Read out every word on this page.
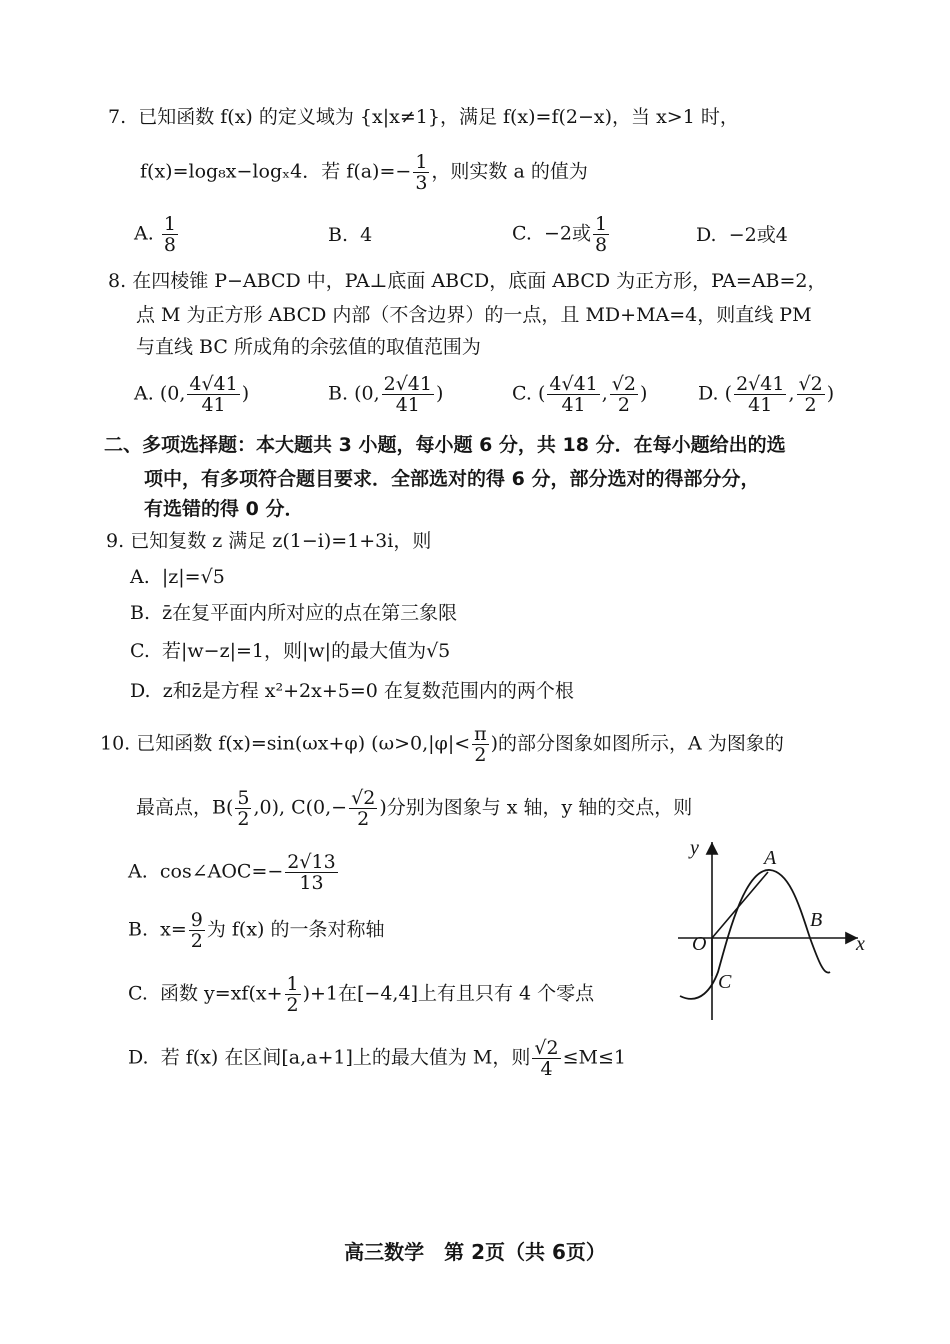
7. 已知函数 f(x) 的定义域为 {x|x≠1}，满足 f(x)=f(2−x)，当 x>1 时，
f(x)=log₈x−logₓ4．若 $f(a)=- \frac{1}{3}$ ，则实数 a 的值为
A. $\frac{1}{8}$	B. 4	C. −2或 $\frac{1}{8}$	D. −2或4
8. 在四棱锥 P−ABCD 中，PA⊥底面 ABCD，底面 ABCD 为正方形，PA=AB=2，
点 M 为正方形 ABCD 内部（不含边界）的一点，且 MD+MA=4，则直线 PM
与直线 BC 所成角的余弦值的取值范围为
A. (0, $\frac{4√41}{41}$ )	B. (0, $\frac{2√41}{41}$ )	C. ( $\frac{4√41}{41}$ , $\frac{√2}{2}$ )	D. ( $\frac{2√41}{41}$ , $\frac{√2}{2}$ )
二、多项选择题：本大题共 3 小题，每小题 6 分，共 18 分．在每小题给出的选
项中，有多项符合题目要求．全部选对的得 6 分，部分选对的得部分分，
有选错的得 0 分．
9. 已知复数 z 满足 z(1−i)=1+3i，则
A. |z|=√5
B. z̄在复平面内所对应的点在第三象限
C. 若|w−z|=1，则|w|的最大值为√5
D. z和z̄是方程 x²+2x+5=0 在复数范围内的两个根
10. 已知函数 f(x)=sin(ωx+φ) ($\omega>0,|\varphi|< \frac{\pi}{2}$ )的部分图象如图所示，A 为图象的
最高点，$B( \frac{5}{2} ,0)$, $C(0,- \frac{√2}{2}$ )分别为图象与 x 轴，y 轴的交点，则
A. cos∠AOC=− $\frac{2√13}{13}$
B. $x= \frac{9}{2}$ 为 f(x) 的一条对称轴
C. 函数 $y=xf(x+ \frac{1}{2} )+1$在[−4,4]上有且只有 4 个零点
D. 若 f(x) 在区间[a,a+1]上的最大值为 M，则 $\frac{√2}{4} \le M\le 1$
y
x
O
A
B
C
高三数学　第 2页（共 6页）
